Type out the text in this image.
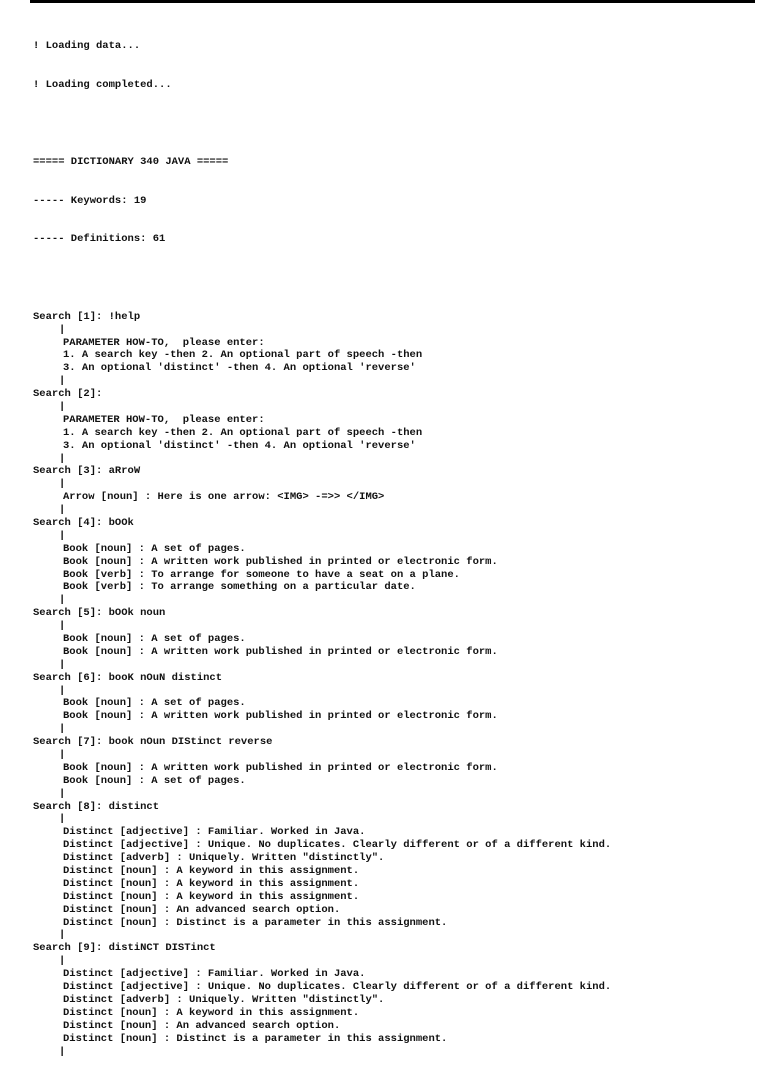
! Loading data...

! Loading completed...

===== DICTIONARY 340 JAVA =====

----- Keywords: 19

----- Definitions: 61

Search [1]: !help
|
PARAMETER HOW-TO,  please enter:
1. A search key -then 2. An optional part of speech -then
3. An optional 'distinct' -then 4. An optional 'reverse'
|
Search [2]:
|
PARAMETER HOW-TO,  please enter:
1. A search key -then 2. An optional part of speech -then
3. An optional 'distinct' -then 4. An optional 'reverse'
|
Search [3]: aRroW
|
Arrow [noun] : Here is one arrow: <IMG> -=>> </IMG>
|
Search [4]: bOOk
|
Book [noun] : A set of pages.
Book [noun] : A written work published in printed or electronic form.
Book [verb] : To arrange for someone to have a seat on a plane.
Book [verb] : To arrange something on a particular date.
|
Search [5]: bOOk noun
|
Book [noun] : A set of pages.
Book [noun] : A written work published in printed or electronic form.
|
Search [6]: booK nOuN distinct
|
Book [noun] : A set of pages.
Book [noun] : A written work published in printed or electronic form.
|
Search [7]: book nOun DIStinct reverse
|
Book [noun] : A written work published in printed or electronic form.
Book [noun] : A set of pages.
|
Search [8]: distinct
|
Distinct [adjective] : Familiar. Worked in Java.
Distinct [adjective] : Unique. No duplicates. Clearly different or of a different kind.
Distinct [adverb] : Uniquely. Written "distinctly".
Distinct [noun] : A keyword in this assignment.
Distinct [noun] : A keyword in this assignment.
Distinct [noun] : A keyword in this assignment.
Distinct [noun] : An advanced search option.
Distinct [noun] : Distinct is a parameter in this assignment.
|
Search [9]: distiNCT DISTinct
|
Distinct [adjective] : Familiar. Worked in Java.
Distinct [adjective] : Unique. No duplicates. Clearly different or of a different kind.
Distinct [adverb] : Uniquely. Written "distinctly".
Distinct [noun] : A keyword in this assignment.
Distinct [noun] : An advanced search option.
Distinct [noun] : Distinct is a parameter in this assignment.
|
